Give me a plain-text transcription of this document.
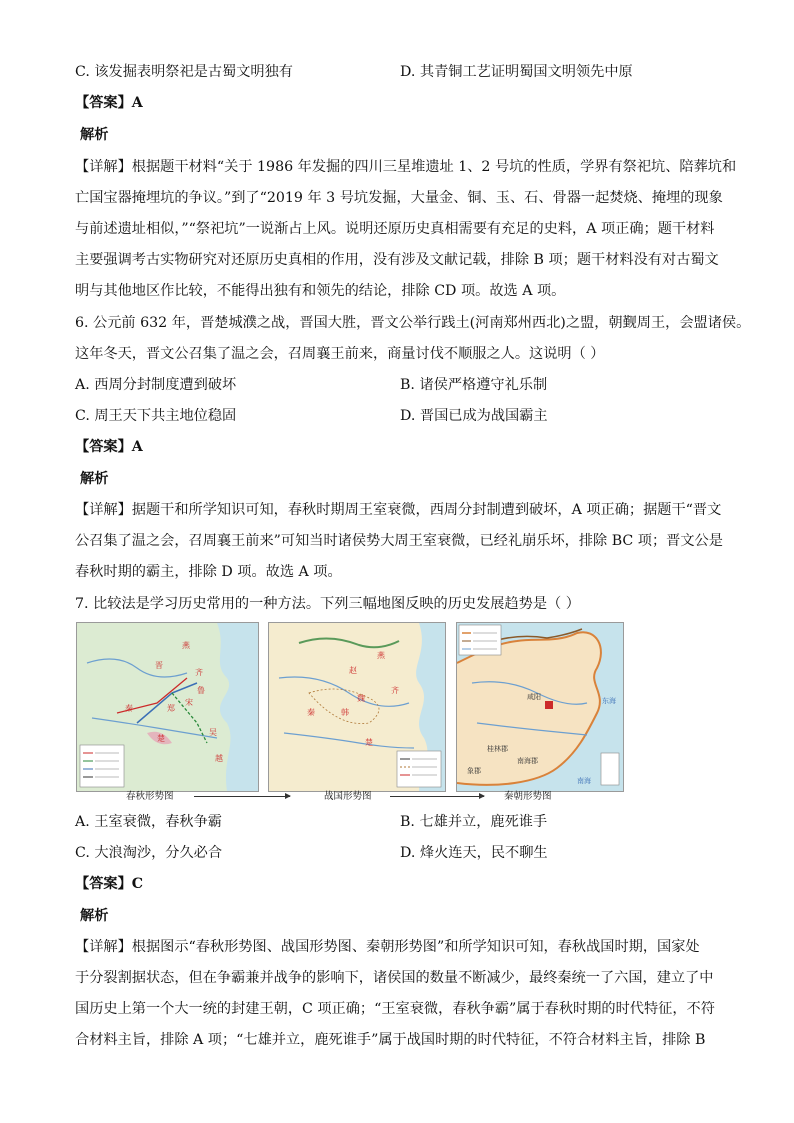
C. 该发掘表明祭祀是古蜀文明独有	D. 其青铜工艺证明蜀国文明领先中原
【答案】A
解析
【详解】根据题干材料“关于 1986 年发掘的四川三星堆遗址 1、2 号坑的性质，学界有祭祀坑、陪葬坑和
亡国宝器掩埋坑的争议。”到了“2019 年 3 号坑发掘，大量金、铜、玉、石、骨器一起焚烧、掩埋的现象
与前述遗址相似，”“祭祀坑”一说渐占上风。说明还原历史真相需要有充足的史料，A 项正确；题干材料
主要强调考古实物研究对还原历史真相的作用，没有涉及文献记载，排除 B 项；题干材料没有对古蜀文
明与其他地区作比较，不能得出独有和领先的结论，排除 CD 项。故选 A 项。
6. 公元前 632 年，晋楚城濮之战，晋国大胜，晋文公举行践土(河南郑州西北)之盟，朝觐周王，会盟诸侯。
这年冬天，晋文公召集了温之会，召周襄王前来，商量讨伐不顺服之人。这说明（ ）
A. 西周分封制度遭到破坏	B. 诸侯严格遵守礼乐制
C. 周王天下共主地位稳固	D. 晋国已成为战国霸主
【答案】A
解析
【详解】据题干和所学知识可知，春秋时期周王室衰微，西周分封制遭到破坏，A 项正确；据题干“晋文
公召集了温之会，召周襄王前来”可知当时诸侯势大周王室衰微，已经礼崩乐坏，排除 BC 项；晋文公是
春秋时期的霸主，排除 D 项。故选 A 项。
7. 比较法是学习历史常用的一种方法。下列三幅地图反映的历史发展趋势是（ ）
秦
晋
齐
楚
吴
越
宋
郑
鲁
燕
春秋形势图
燕
赵
魏
韩
秦
齐
楚
战国形势图
咸阳
南海郡
桂林郡
象郡
东海
南海
秦朝形势图
A. 王室衰微，春秋争霸	B. 七雄并立，鹿死谁手
C. 大浪淘沙，分久必合	D. 烽火连天，民不聊生
【答案】C
解析
【详解】根据图示“春秋形势图、战国形势图、秦朝形势图”和所学知识可知，春秋战国时期，国家处
于分裂割据状态，但在争霸兼并战争的影响下，诸侯国的数量不断减少，最终秦统一了六国，建立了中
国历史上第一个大一统的封建王朝，C 项正确；“王室衰微，春秋争霸”属于春秋时期的时代特征，不符
合材料主旨，排除 A 项；“七雄并立，鹿死谁手”属于战国时期的时代特征，不符合材料主旨，排除 B
